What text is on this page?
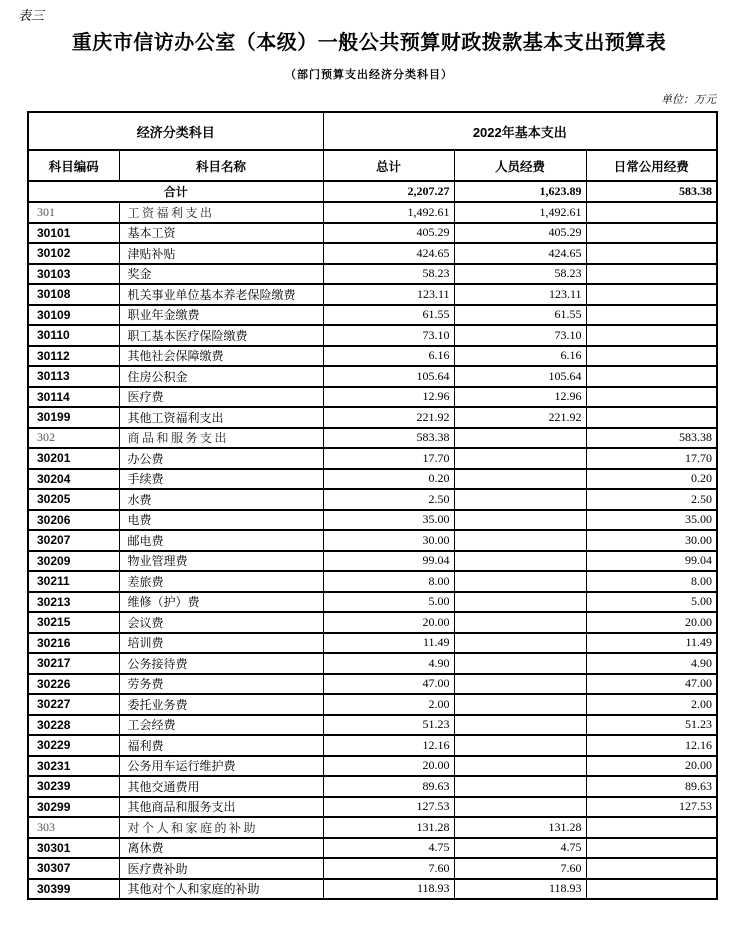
表三
重庆市信访办公室（本级）一般公共预算财政拨款基本支出预算表
（部门预算支出经济分类科目）
单位：万元
经济分类科目		2022年基本支出		
科目编码	科目名称	总计	人员经费	日常公用经费
合计		2,207.27	1,623.89	583.38
301	工资福利支出	1,492.61	1,492.61	
30101	基本工资	405.29	405.29	
30102	津贴补贴	424.65	424.65	
30103	奖金	58.23	58.23	
30108	机关事业单位基本养老保险缴费	123.11	123.11	
30109	职业年金缴费	61.55	61.55	
30110	职工基本医疗保险缴费	73.10	73.10	
30112	其他社会保障缴费	6.16	6.16	
30113	住房公积金	105.64	105.64	
30114	医疗费	12.96	12.96	
30199	其他工资福利支出	221.92	221.92	
302	商品和服务支出	583.38		583.38
30201	办公费	17.70		17.70
30204	手续费	0.20		0.20
30205	水费	2.50		2.50
30206	电费	35.00		35.00
30207	邮电费	30.00		30.00
30209	物业管理费	99.04		99.04
30211	差旅费	8.00		8.00
30213	维修（护）费	5.00		5.00
30215	会议费	20.00		20.00
30216	培训费	11.49		11.49
30217	公务接待费	4.90		4.90
30226	劳务费	47.00		47.00
30227	委托业务费	2.00		2.00
30228	工会经费	51.23		51.23
30229	福利费	12.16		12.16
30231	公务用车运行维护费	20.00		20.00
30239	其他交通费用	89.63		89.63
30299	其他商品和服务支出	127.53		127.53
303	对个人和家庭的补助	131.28	131.28	
30301	离休费	4.75	4.75	
30307	医疗费补助	7.60	7.60	
30399	其他对个人和家庭的补助	118.93	118.93	
